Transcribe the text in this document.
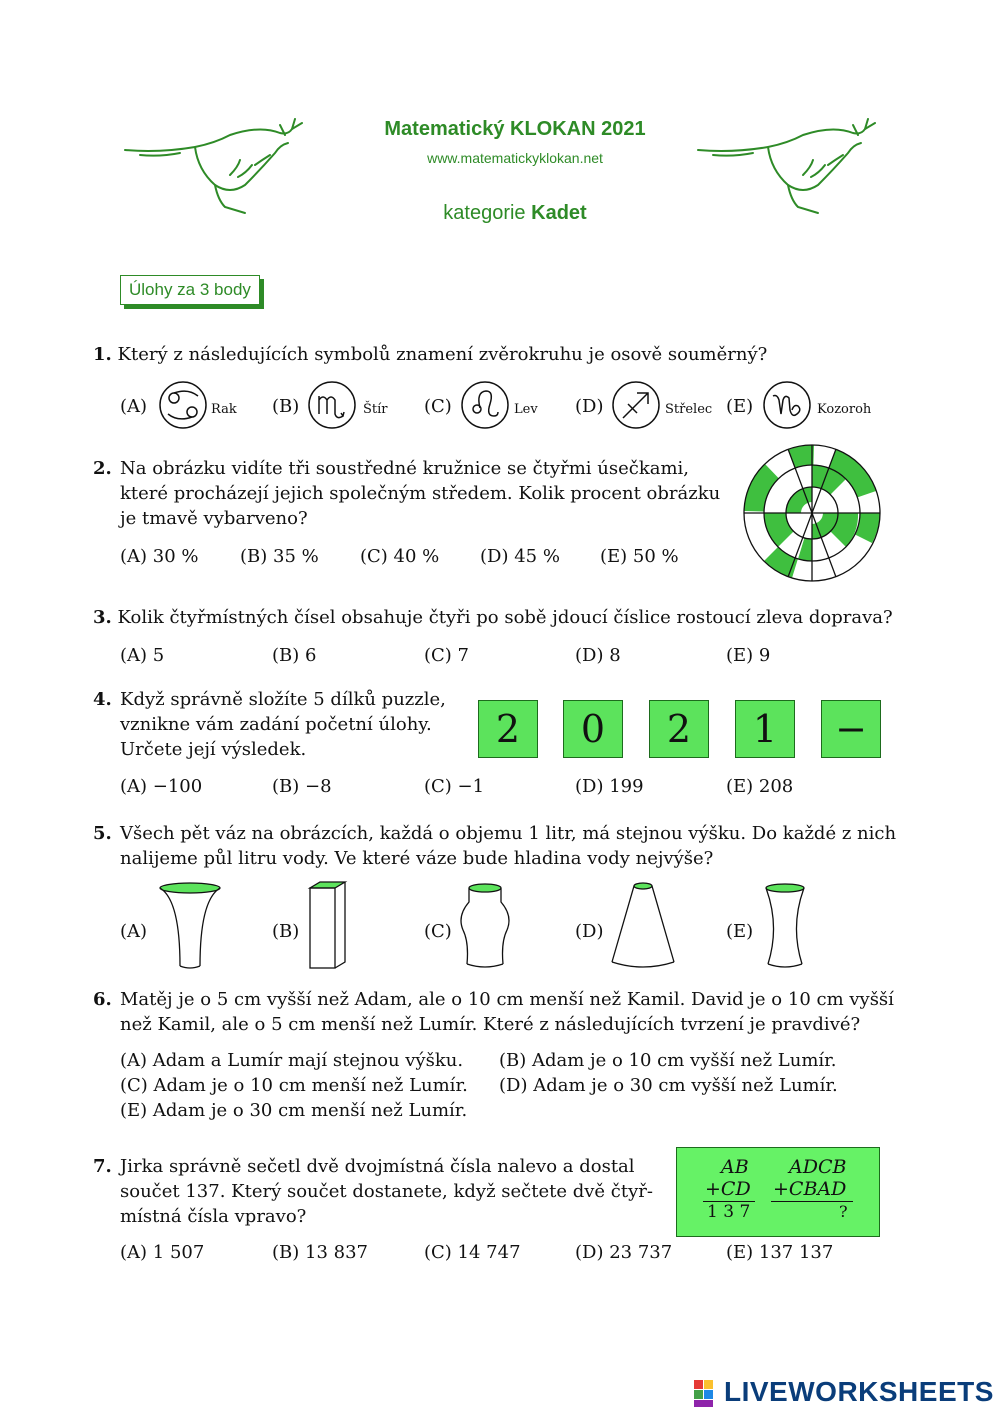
Matematický KLOKAN 2021
www.matematickyklokan.net
kategorie Kadet
Úlohy za 3 body
1. Který z následujících symbolů znamení zvěrokruhu je osově souměrný?
(A)	Rak (B)	Štír (C)	Lev (D)	Střelec (E)	Kozoroh
2. Na obrázku vidíte tři soustředné kružnice se čtyřmi úsečkami,
které procházejí jejich společným středem. Kolik procent obrázku
je tmavě vybarveno?
(A) 30 % (B) 35 % (C) 40 % (D) 45 % (E) 50 %
3. Kolik čtyřmístných čísel obsahuje čtyři po sobě jdoucí číslice rostoucí zleva doprava?
(A) 5	(B) 6	(C) 7	(D) 8	(E) 9
4. Když správně složíte 5 dílků puzzle,
vznikne vám zadání početní úlohy.
Určete její výsledek.	2	0	2	1	−
(A) −100	(B) −8	(C) −1	(D) 199	(E) 208
5. Všech pět váz na obrázcích, každá o objemu 1 litr, má stejnou výšku. Do každé z nich
nalijeme půl litru vody. Ve které váze bude hladina vody nejvýše?
(A)	(B)	(C)	(D)	(E)
6. Matěj je o 5 cm vyšší než Adam, ale o 10 cm menší než Kamil. David je o 10 cm vyšší
než Kamil, ale o 5 cm menší než Lumír. Které z následujících tvrzení je pravdivé?
(A) Adam a Lumír mají stejnou výšku. (B) Adam je o 10 cm vyšší než Lumír.
(C) Adam je o 10 cm menší než Lumír. (D) Adam je o 30 cm vyšší než Lumír.
(E) Adam je o 30 cm menší než Lumír.
7. Jirka správně sečetl dvě dvojmístná čísla nalevo a dostal
součet 137. Který součet dostanete, když sečtete dvě čtyř-
místná čísla vpravo?
AB
+CD
1 3 7
ADCB
+CBAD
?
(A) 1 507	(B) 13 837	(C) 14 747	(D) 23 737	(E) 137 137
LIVEWORKSHEETS
